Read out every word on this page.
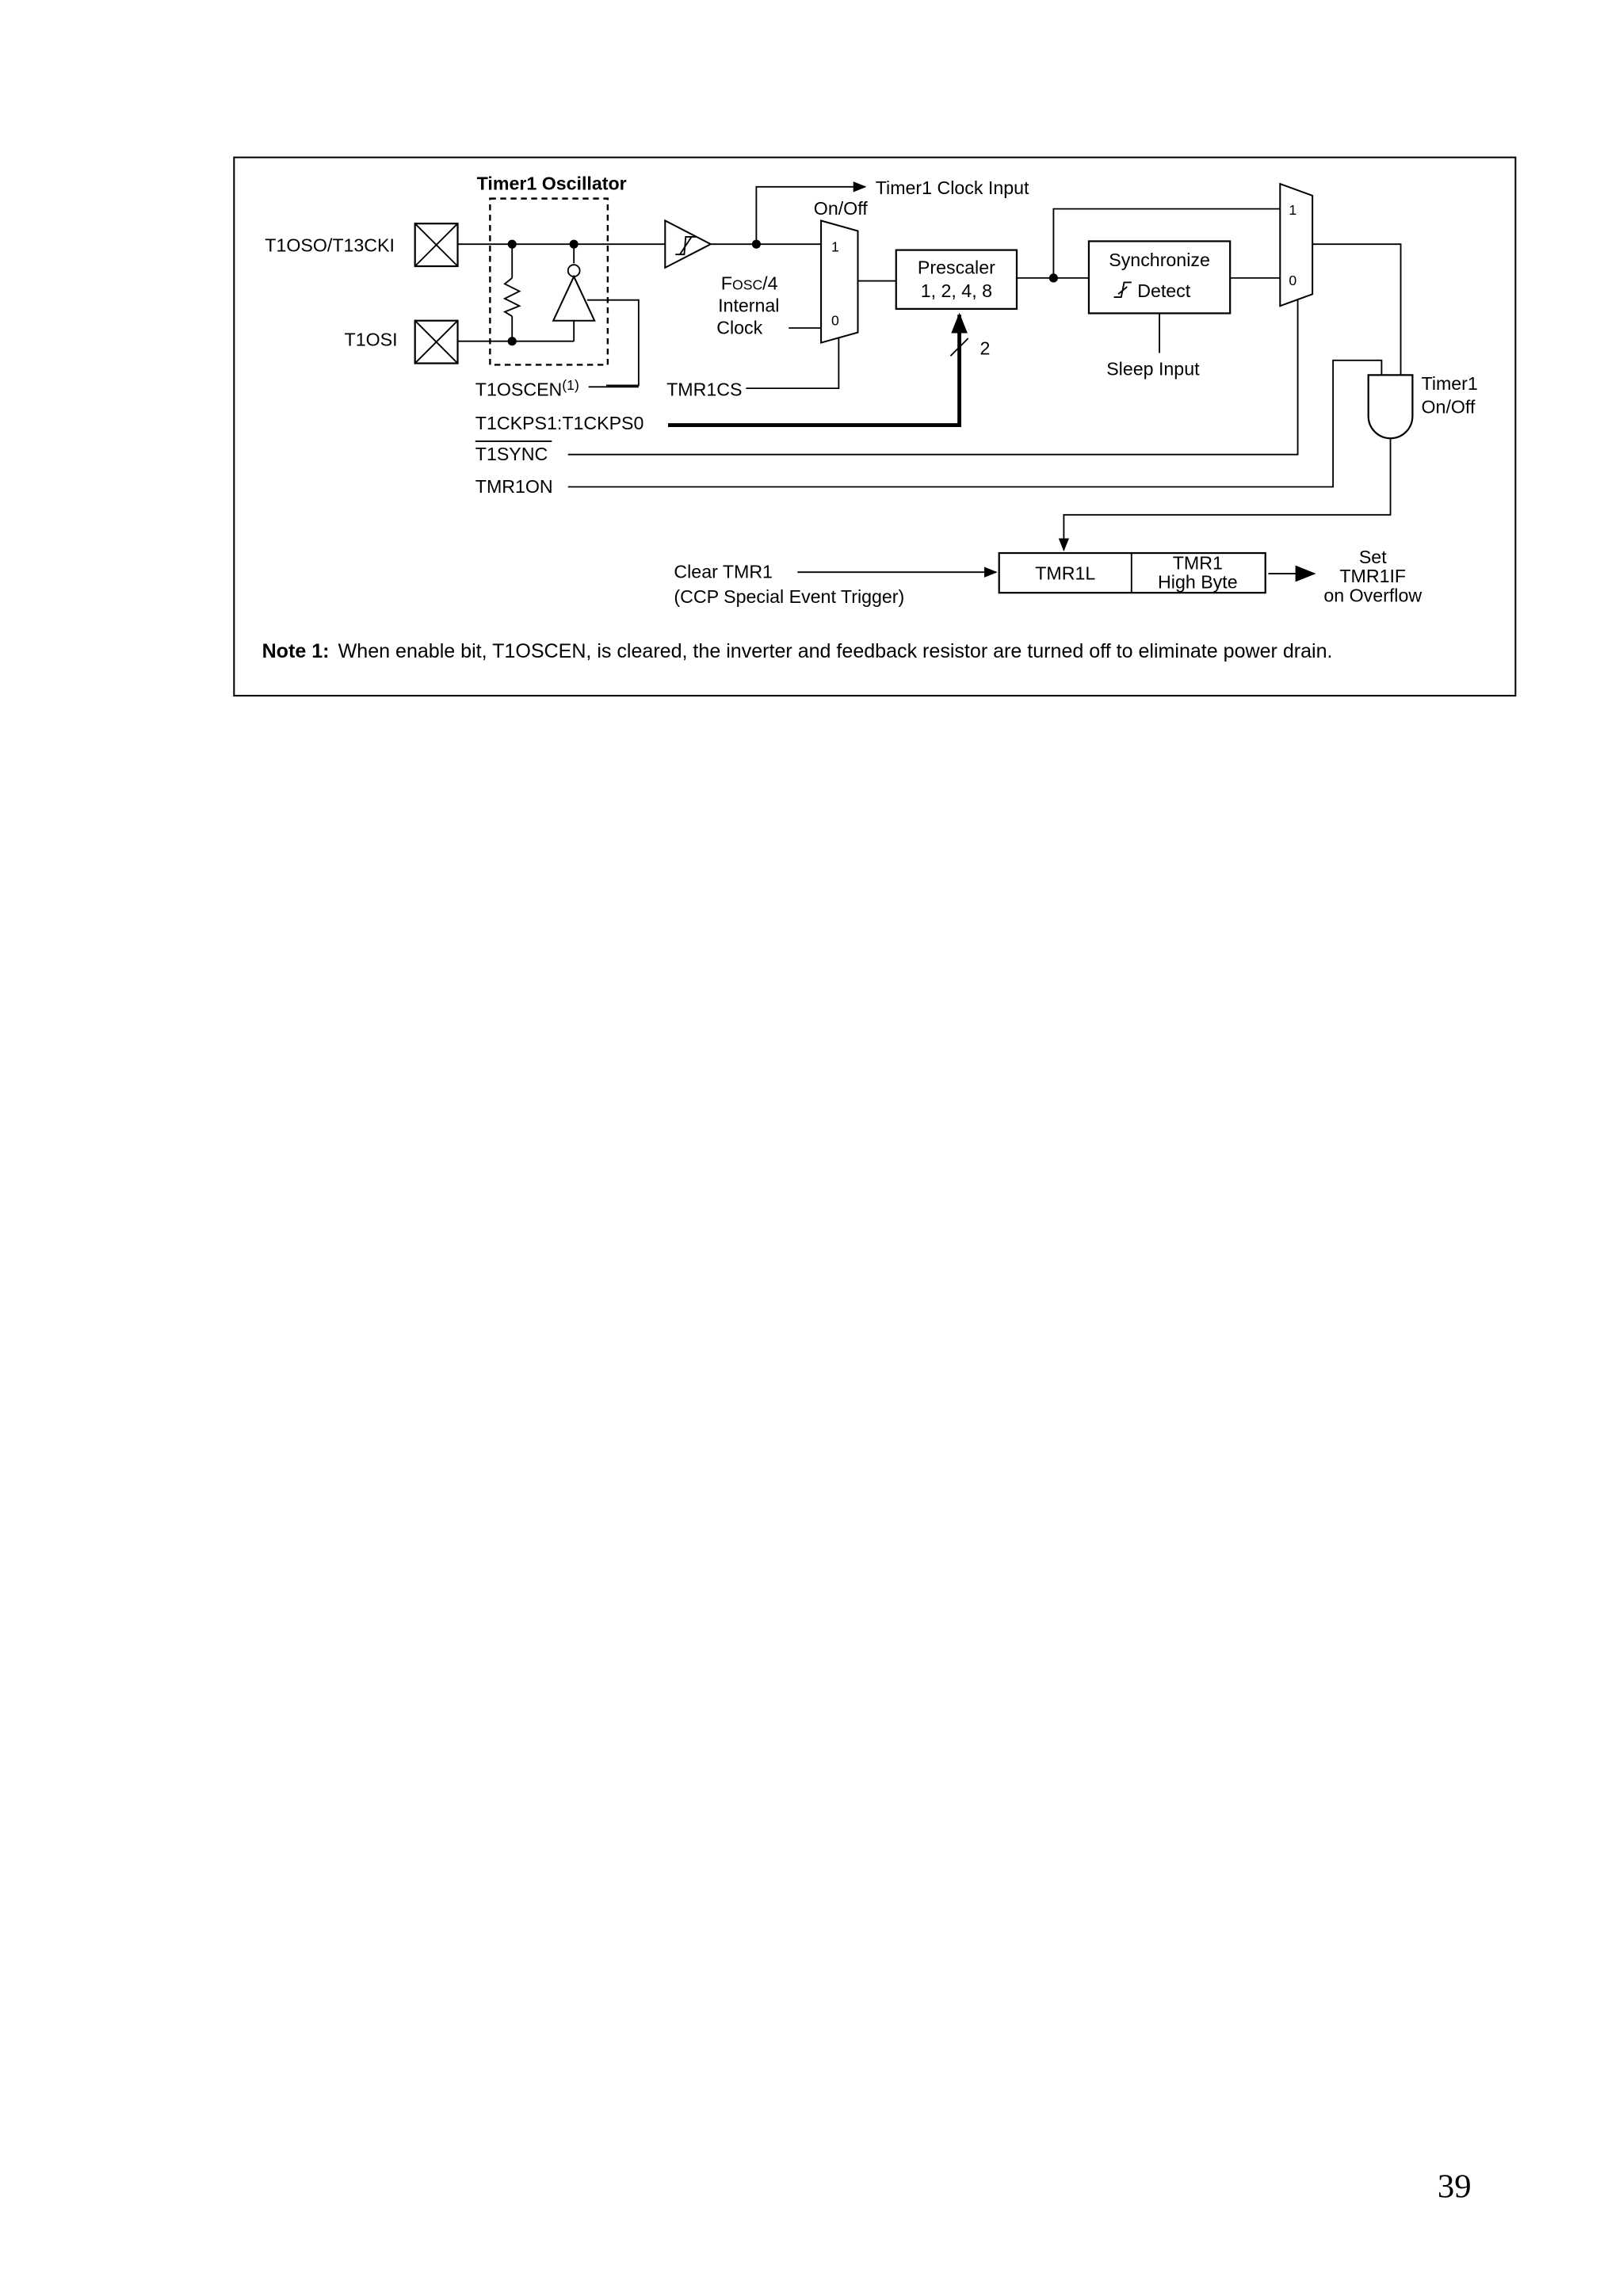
Timer1 Oscillator
T1OSO/T13CKI
T1OSI
T1OSCEN$^{(1)}$
Timer1 Clock Input
On/Off
1
0
FOSC/4
Internal
Clock
TMR1CS
Prescaler
1, 2, 4, 8
2
T1CKPS1:T1CKPS0
Synchronize
Detect
Sleep Input
1
0
T1SYNC
TMR1ON
Timer1
On/Off
Clear TMR1
(CCP Special Event Trigger)
TMR1L	TMR1
High Byte
Set
TMR1IF
on Overflow
Note 1: When enable bit, T1OSCEN, is cleared, the inverter and feedback resistor are turned off to eliminate power drain.
39
